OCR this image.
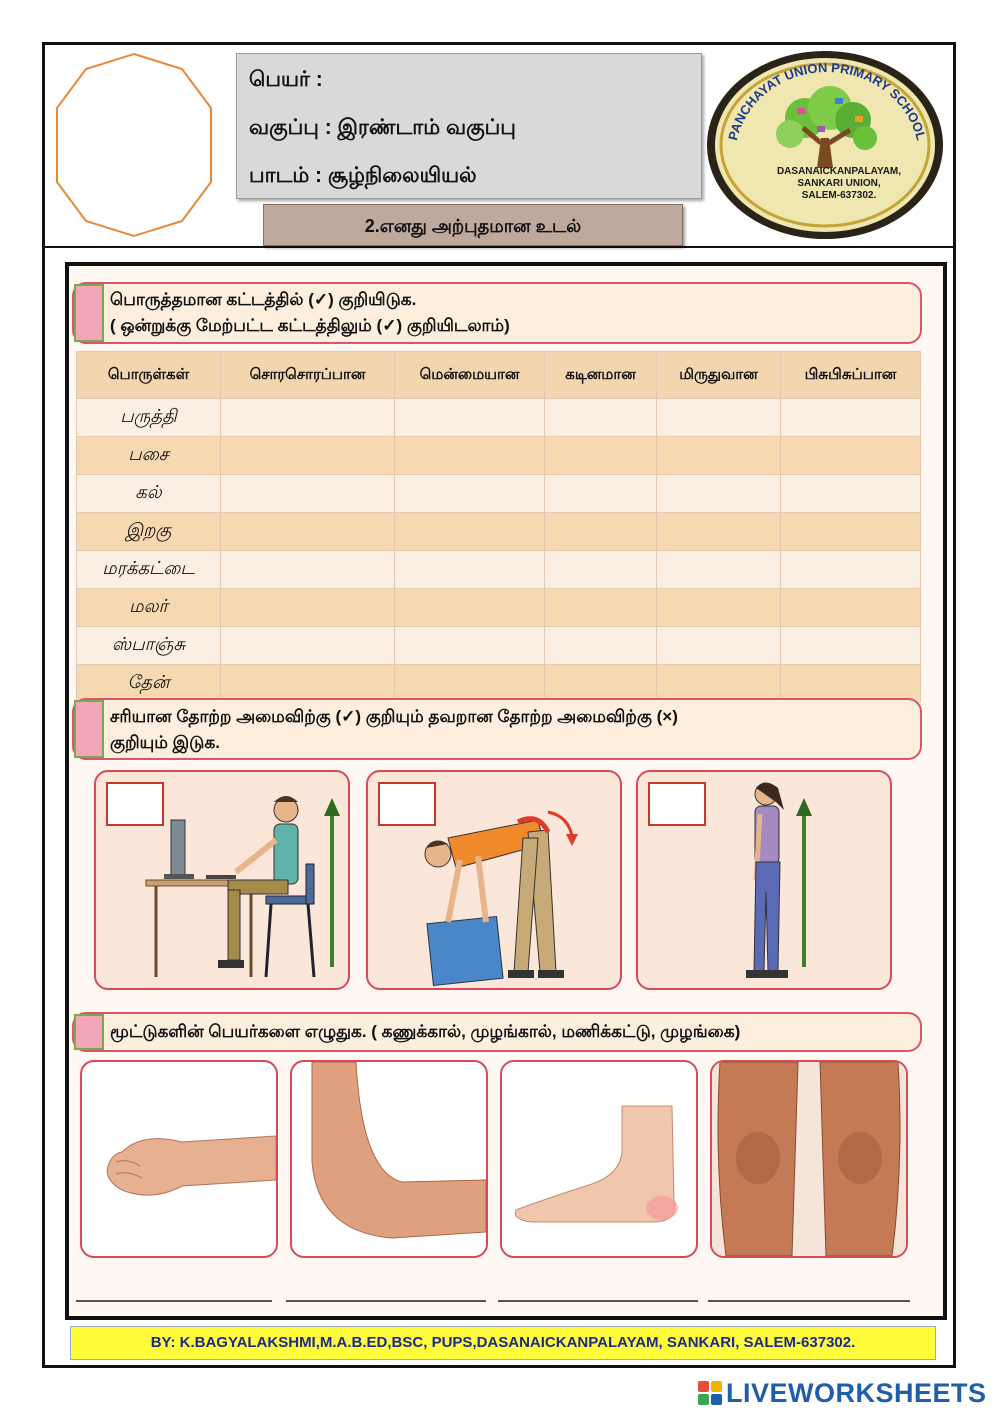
பெயர் :
வகுப்பு : இரண்டாம் வகுப்பு
பாடம் : சூழ்நிலையியல்
2.எனது அற்புதமான உடல்
PANCHAYAT UNION PRIMARY SCHOOL
DASANAICKANPALAYAM,
SANKARI UNION,
SALEM-637302.
பொருத்தமான கட்டத்தில் (✓) குறியிடுக.
( ஒன்றுக்கு மேற்பட்ட கட்டத்திலும் (✓) குறியிடலாம்)
பொருள்கள்	சொரசொரப்பான	மென்மையான	கடினமான	மிருதுவான	பிசுபிசுப்பான
பருத்தி					
பசை					
கல்					
இறகு					
மரக்கட்டை					
மலர்					
ஸ்பாஞ்சு					
தேன்					
சரியான தோற்ற அமைவிற்கு (✓) குறியும் தவறான தோற்ற அமைவிற்கு (×)
குறியும் இடுக.
மூட்டுகளின் பெயர்களை எழுதுக. ( கணுக்கால், முழங்கால், மணிக்கட்டு, முழங்கை)
BY: K.BAGYALAKSHMI,M.A.B.ED,BSC, PUPS,DASANAICKANPALAYAM, SANKARI, SALEM-637302.
LIVEWORKSHEETS
